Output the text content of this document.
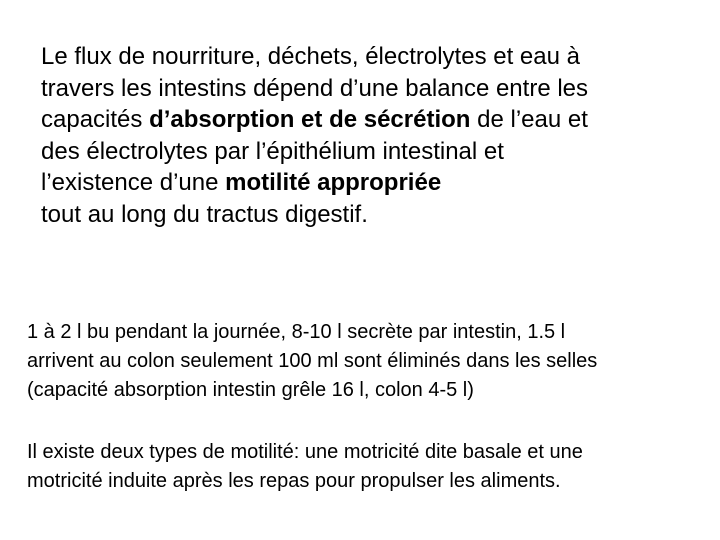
Le flux de nourriture, déchets, électrolytes et eau à
travers les intestins dépend d’une balance entre les
capacités d’absorption et de sécrétion de l’eau et
des électrolytes par l’épithélium intestinal et
l’existence d’une motilité appropriée
tout au long du tractus digestif.
1 à 2 l bu pendant la journée, 8-10 l secrète par intestin, 1.5 l
arrivent au colon seulement 100 ml sont éliminés dans les selles
(capacité absorption intestin grêle 16 l, colon 4-5 l)
Il existe deux types de motilité: une motricité dite basale et une
motricité induite après les repas pour propulser les aliments.
